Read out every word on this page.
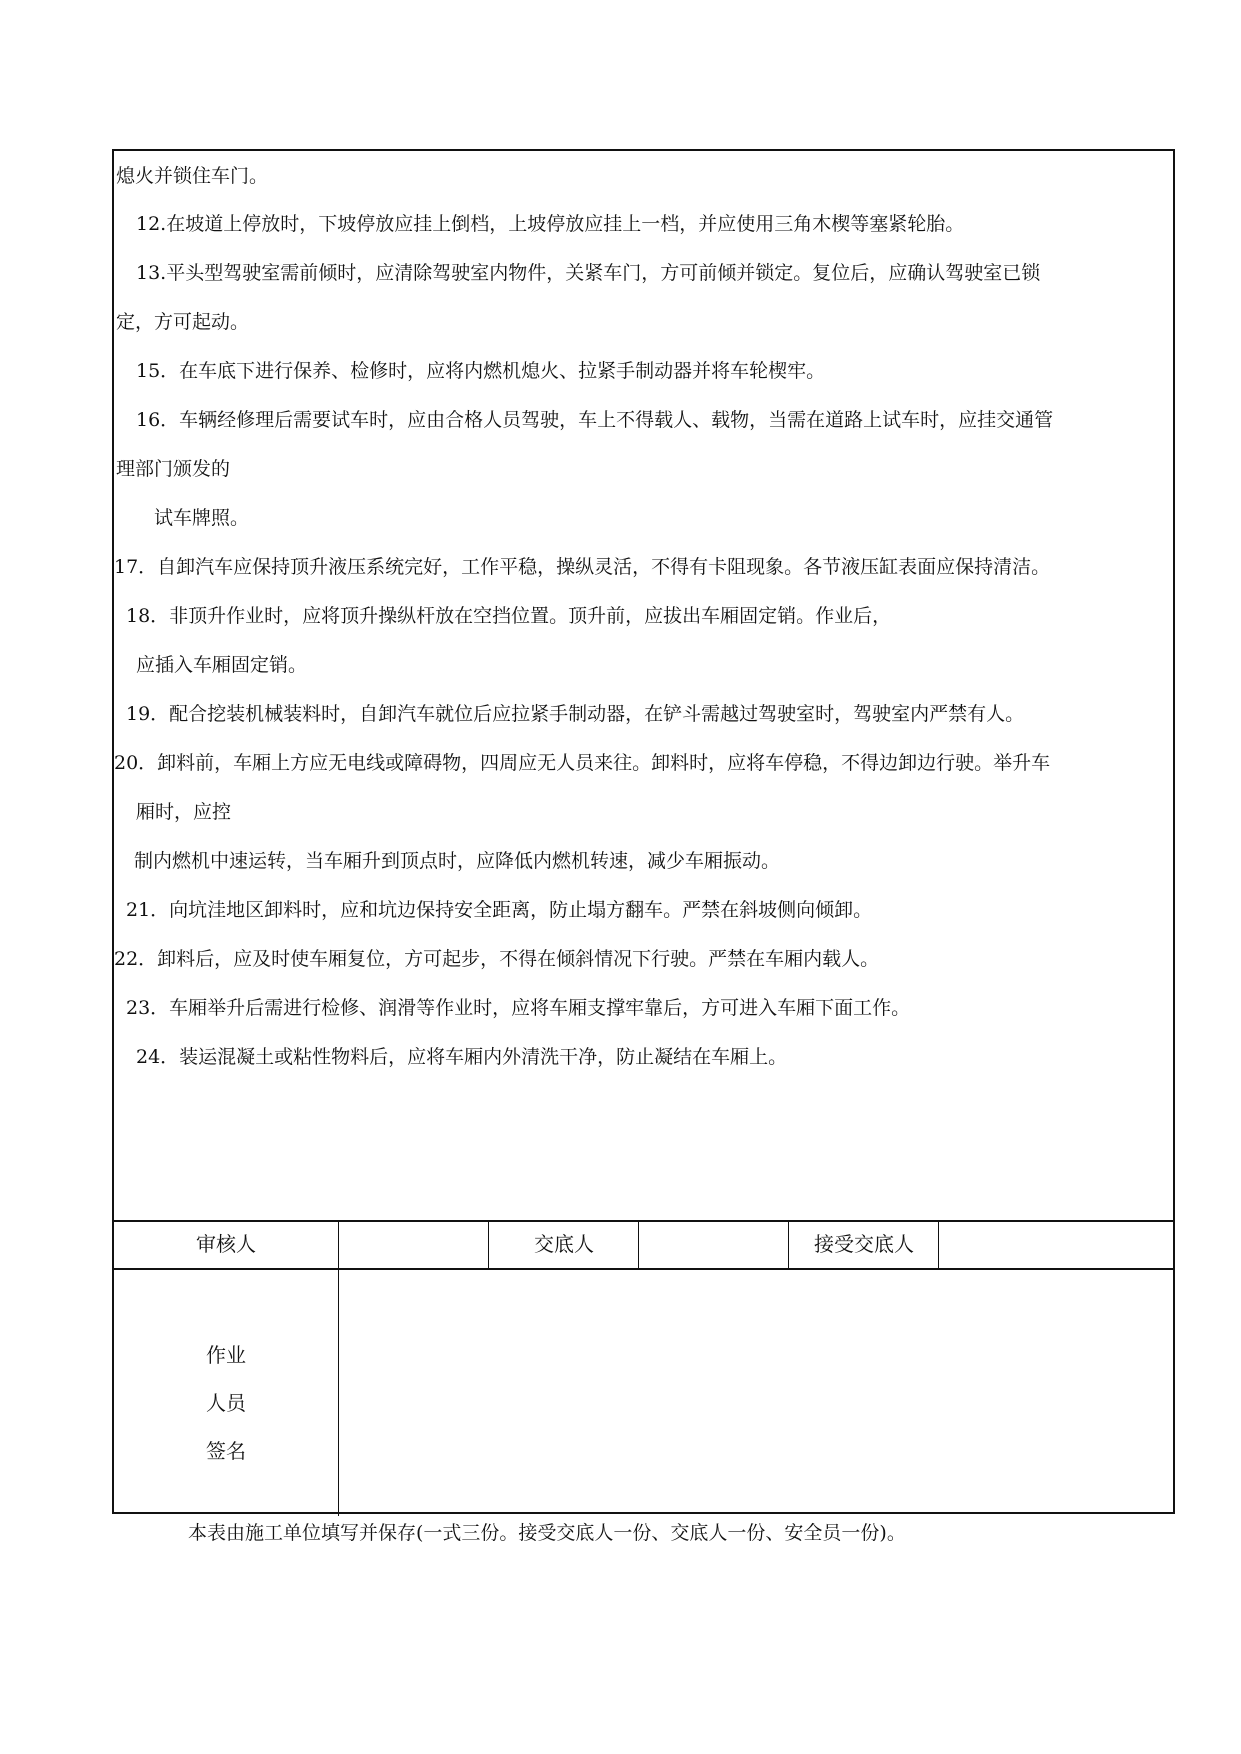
熄火并锁住车门。
12.在坡道上停放时，下坡停放应挂上倒档，上坡停放应挂上一档，并应使用三角木楔等塞紧轮胎。
13.平头型驾驶室需前倾时，应清除驾驶室内物件，关紧车门，方可前倾并锁定。复位后，应确认驾驶室已锁
定，方可起动。
15．在车底下进行保养、检修时，应将内燃机熄火、拉紧手制动器并将车轮楔牢。
16．车辆经修理后需要试车时，应由合格人员驾驶，车上不得载人、载物，当需在道路上试车时，应挂交通管
理部门颁发的
试车牌照。
17．自卸汽车应保持顶升液压系统完好，工作平稳，操纵灵活，不得有卡阻现象。各节液压缸表面应保持清洁。
18．非顶升作业时，应将顶升操纵杆放在空挡位置。顶升前，应拔出车厢固定销。作业后，
应插入车厢固定销。
19．配合挖装机械装料时，自卸汽车就位后应拉紧手制动器，在铲斗需越过驾驶室时，驾驶室内严禁有人。
20．卸料前，车厢上方应无电线或障碍物，四周应无人员来往。卸料时，应将车停稳，不得边卸边行驶。举升车
厢时，应控
制内燃机中速运转，当车厢升到顶点时，应降低内燃机转速，减少车厢振动。
21．向坑洼地区卸料时，应和坑边保持安全距离，防止塌方翻车。严禁在斜坡侧向倾卸。
22．卸料后，应及时使车厢复位，方可起步，不得在倾斜情况下行驶。严禁在车厢内载人。
23．车厢举升后需进行检修、润滑等作业时，应将车厢支撑牢靠后，方可进入车厢下面工作。
24．装运混凝土或粘性物料后，应将车厢内外清洗干净，防止凝结在车厢上。
审核人	交底人	接受交底人
作业
人员
签名
本表由施工单位填写并保存(一式三份。接受交底人一份、交底人一份、安全员一份)。
